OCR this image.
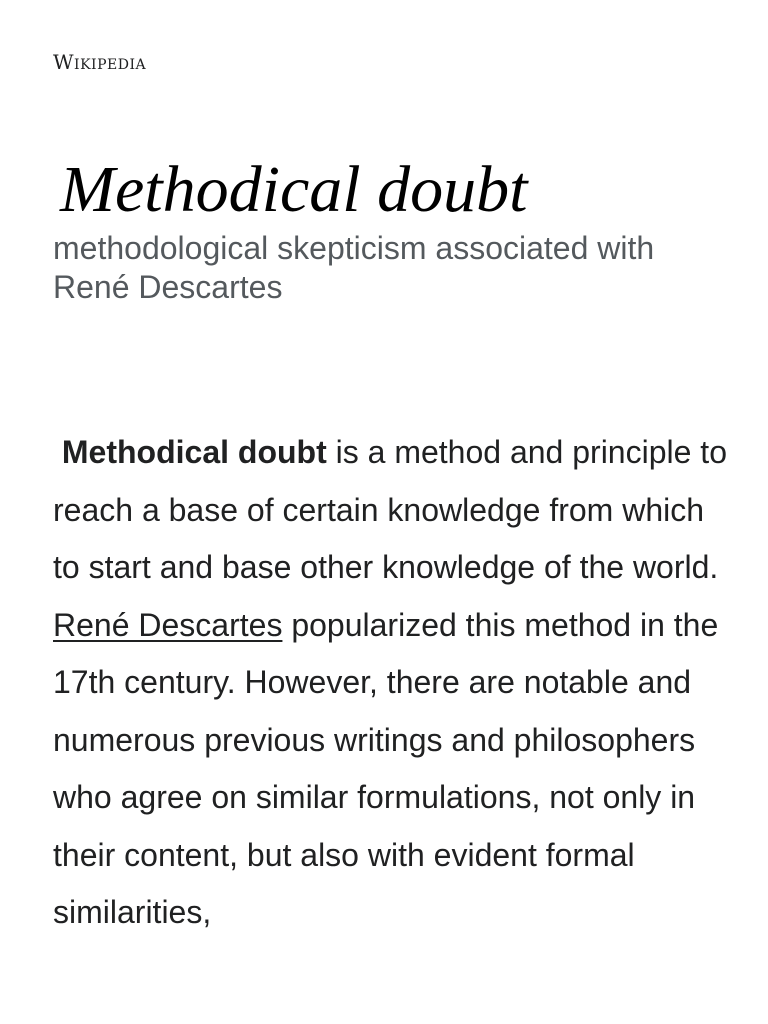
Wikipedia
Methodical doubt

methodological skepticism associated with René Descartes

Methodical doubt is a method and principle to reach a base of certain knowledge from which to start and base other knowledge of the world. René Descartes popularized this method in the 17th century. However, there are notable and numerous previous writings and philosophers who agree on similar formulations, not only in their content, but also with evident formal similarities,
